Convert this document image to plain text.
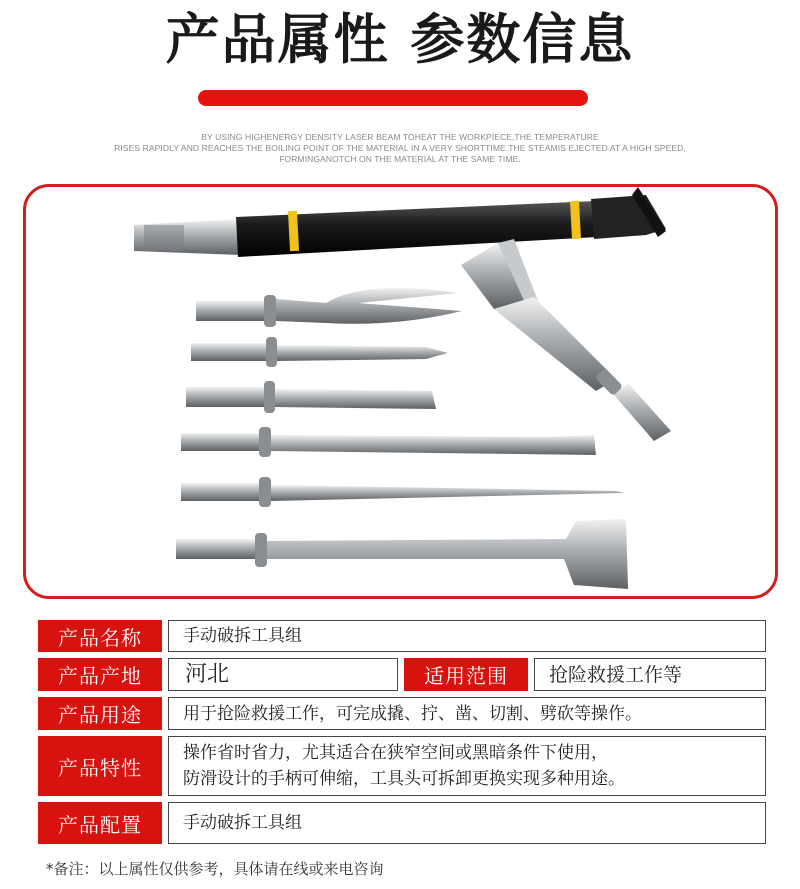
产品属性 参数信息
BY USING HIGHENERGY DENSITY LASER BEAM TOHEAT THE WORKPIECE,THE TEMPERATURE
RISES RAPIDLY AND REACHES THE BOILING POINT OF THE MATERIAL IN A VERY SHORTTIME.THE STEAMIS EJECTED AT A HIGH SPEED,
FORMINGANOTCH ON THE MATERIAL AT THE SAME TIME.
产品名称	手动破拆工具组
产品产地	河北	适用范围	抢险救援工作等
产品用途	用于抢险救援工作，可完成撬、拧、凿、切割、劈砍等操作。
产品特性
操作省时省力，尤其适合在狭窄空间或黑暗条件下使用，
防滑设计的手柄可伸缩，工具头可拆卸更换实现多种用途。
产品配置	手动破拆工具组
*备注：以上属性仅供参考，具体请在线或来电咨询
